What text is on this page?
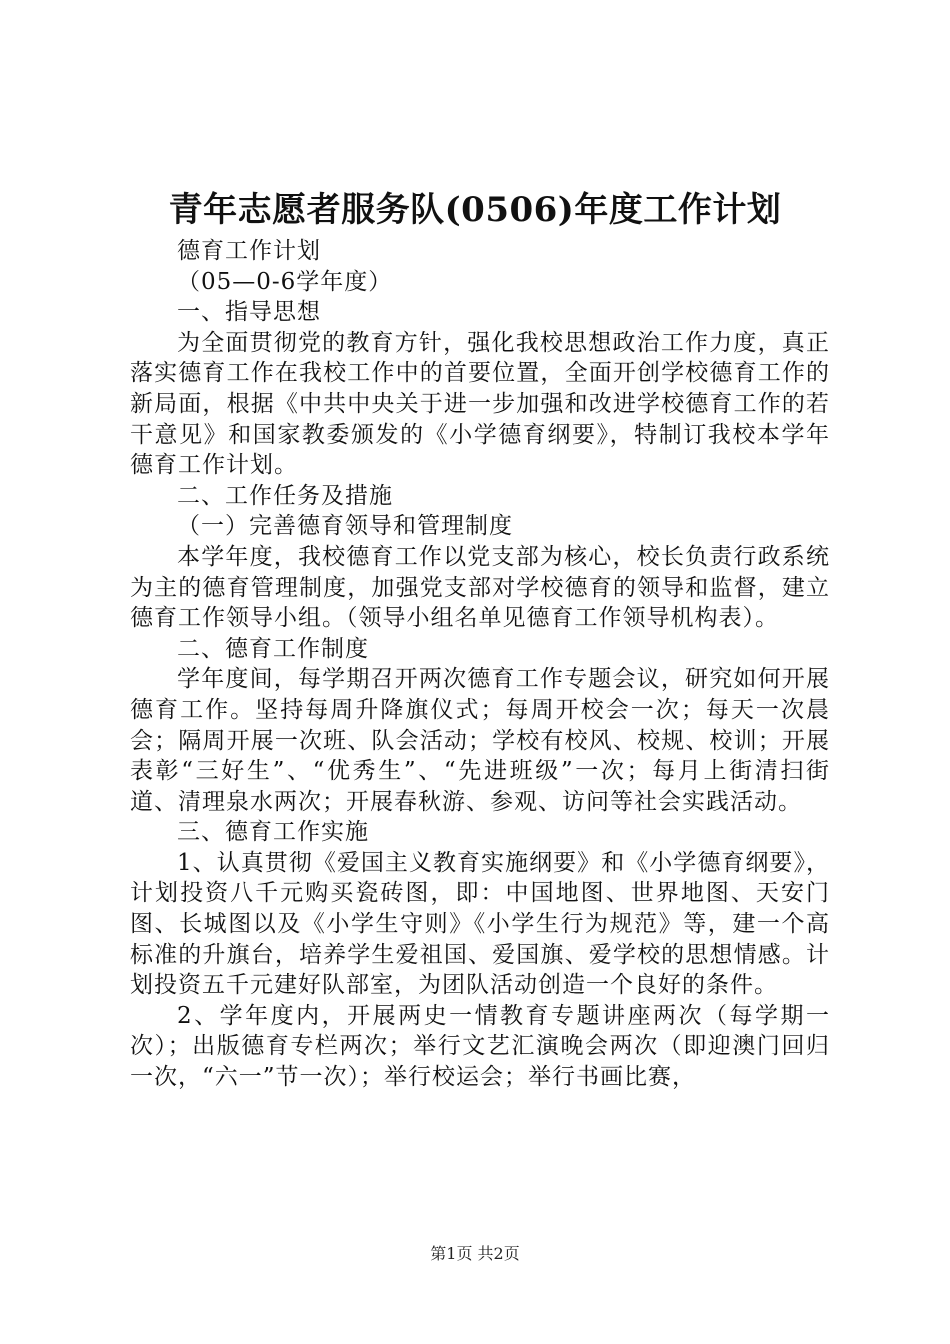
青年志愿者服务队(0506)年度工作计划

德育工作计划

（05—0-6学年度）

一、指导思想

为全面贯彻党的教育方针，强化我校思想政治工作力度，真正落实德育工作在我校工作中的首要位置，全面开创学校德育工作的新局面，根据《中共中央关于进一步加强和改进学校德育工作的若干意见》和国家教委颁发的《小学德育纲要》，特制订我校本学年德育工作计划。

二、工作任务及措施

（一）完善德育领导和管理制度

本学年度，我校德育工作以党支部为核心，校长负责行政系统为主的德育管理制度，加强党支部对学校德育的领导和监督，建立德育工作领导小组。（领导小组名单见德育工作领导机构表）。

二、德育工作制度

学年度间，每学期召开两次德育工作专题会议，研究如何开展德育工作。坚持每周升降旗仪式；每周开校会一次；每天一次晨会；隔周开展一次班、队会活动；学校有校风、校规、校训；开展表彰“三好生”、“优秀生”、“先进班级”一次；每月上街清扫街道、清理泉水两次；开展春秋游、参观、访问等社会实践活动。

三、德育工作实施

1、认真贯彻《爱国主义教育实施纲要》和《小学德育纲要》，计划投资八千元购买瓷砖图，即：中国地图、世界地图、天安门图、长城图以及《小学生守则》《小学生行为规范》等，建一个高标准的升旗台，培养学生爱祖国、爱国旗、爱学校的思想情感。计划投资五千元建好队部室，为团队活动创造一个良好的条件。

2、学年度内，开展两史一情教育专题讲座两次（每学期一次）；出版德育专栏两次；举行文艺汇演晚会两次（即迎澳门回归一次，“六一”节一次）；举行校运会；举行书画比赛，

第1页 共2页
